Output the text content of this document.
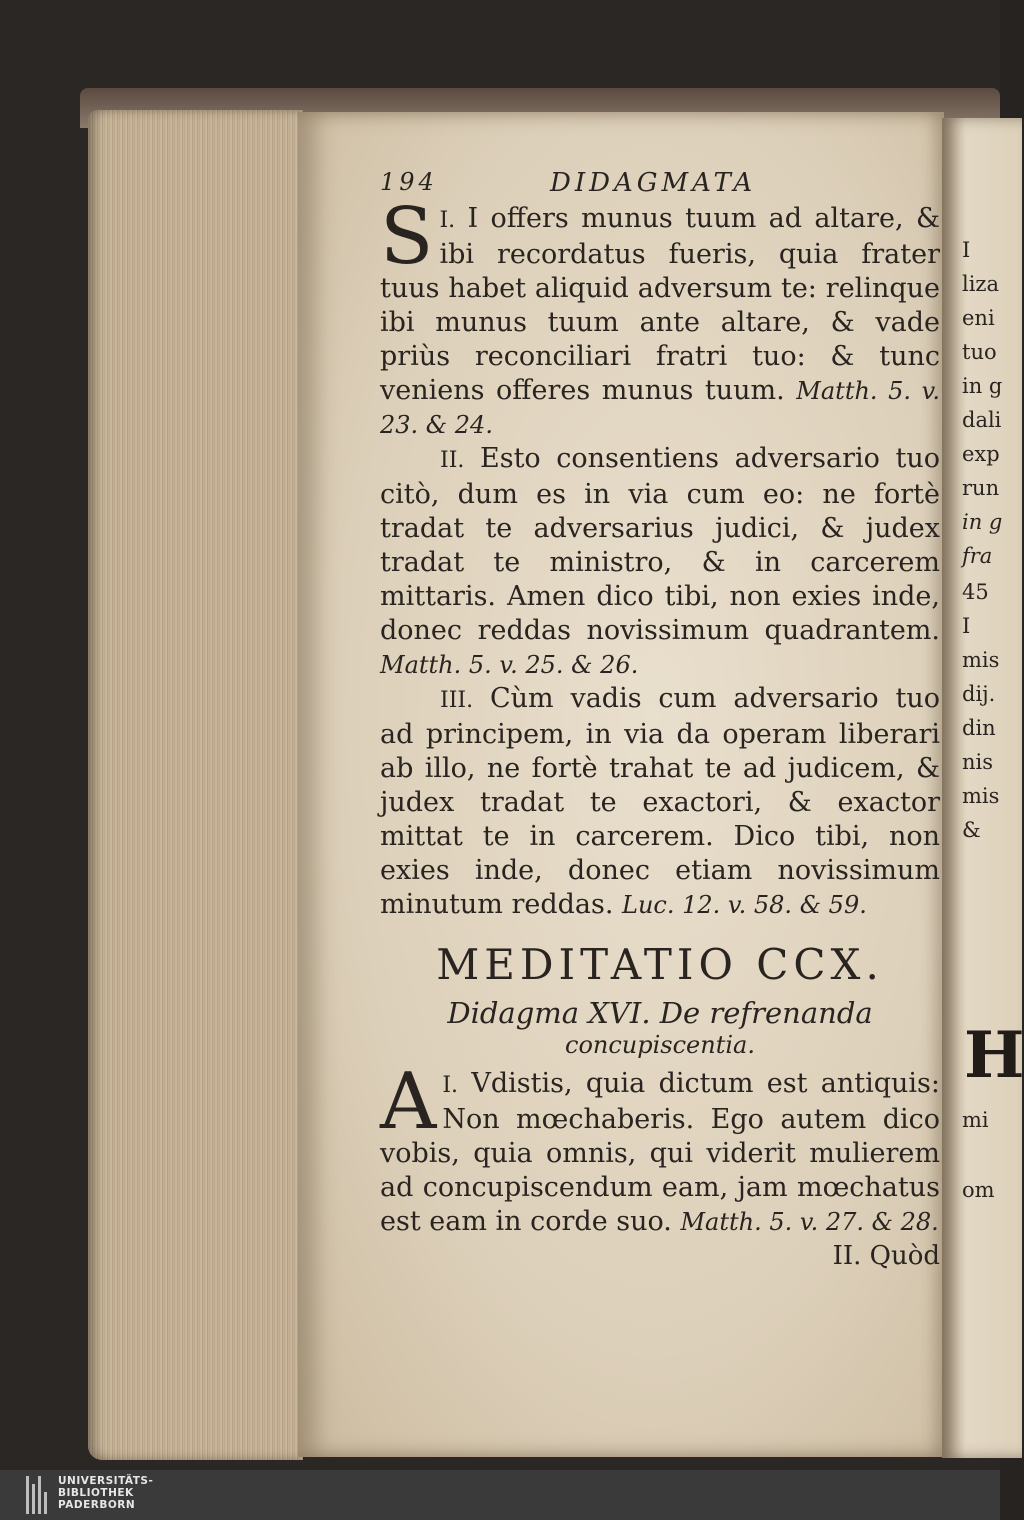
I
liza
eni
tuo
in g
dali
exp
run
in g
fra
45
I
mis
dij.
din
nis
mis
&
H
mi
om
194	DIDAGMATA

I.
S I offers munus tuum ad altare, & ibi recordatus fueris, quia frater tuus habet aliquid adversum te: relinque ibi munus tuum ante altare, & vade priùs reconciliari fratri tuo: & tunc veniens offeres munus tuum. Matth. 5. v. 23. & 24.

II. Esto consentiens adversario tuo citò, dum es in via cum eo: ne fortè tradat te adversarius judici, & judex tradat te ministro, & in carcerem mittaris. Amen dico tibi, non exies inde, donec reddas novissimum quadrantem. Matth. 5. v. 25. & 26.

III. Cùm vadis cum adversario tuo ad principem, in via da operam liberari ab illo, ne fortè trahat te ad judicem, & judex tradat te exactori, & exactor mittat te in carcerem. Dico tibi, non exies inde, donec etiam novissimum minutum reddas. Luc. 12. v. 58. & 59.

MEDITATIO CCX.

Didagma XVI. De refrenanda

concupiscentia.

I.
A Vdistis, quia dictum est antiquis: Non mœchaberis. Ego autem dico vobis, quia omnis, qui viderit mulierem ad concupiscendum eam, jam mœchatus est eam in corde suo. Matth. 5. v. 27. & 28.

II. Quòd
UNIVERSITÄTS-
BIBLIOTHEK
PADERBORN
